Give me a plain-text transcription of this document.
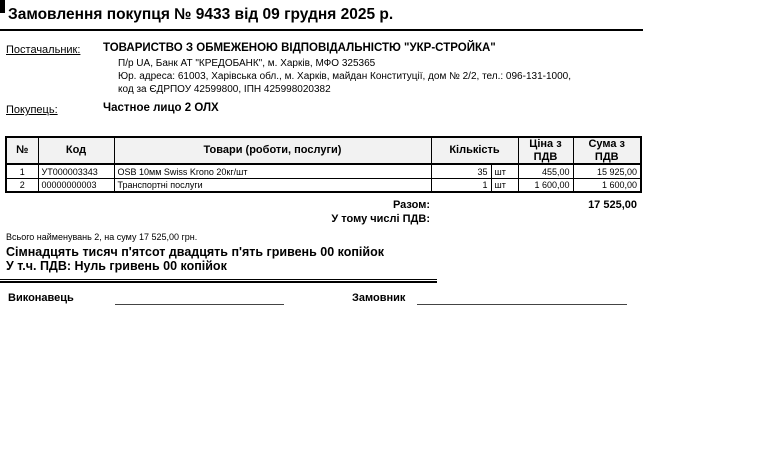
Замовлення покупця № 9433 від 09 грудня 2025 р.
Постачальник: ТОВАРИСТВО З ОБМЕЖЕНОЮ ВІДПОВІДАЛЬНІСТЮ "УКР-СТРОЙКА"
П/р UA, Банк АТ "КРЕДОБАНК", м. Харків, МФО 325365
Юр. адреса: 61003, Харівська обл., м. Харків, майдан Конституції, дом № 2/2, тел.: 096-131-1000,
код за ЄДРПОУ 42599800, ІПН 425998020382
Покупець:	Частное лицо 2 ОЛХ
№	Код	Товари (роботи, послуги)	Кількість		Ціна з ПДВ	Сума з ПДВ
1	УТ000003343	OSB 10мм Swiss Krono 20кг/шт	35	шт	455,00	15 925,00
2	00000000003	Транспортні послуги	1	шт	1 600,00	1 600,00
Разом:	17 525,00
У тому числі ПДВ:
Всього найменувань 2, на суму 17 525,00 грн.
Сімнадцять тисяч п'ятсот двадцять п'ять гривень 00 копійок
У т.ч. ПДВ: Нуль гривень 00 копійок
Виконавець	Замовник
